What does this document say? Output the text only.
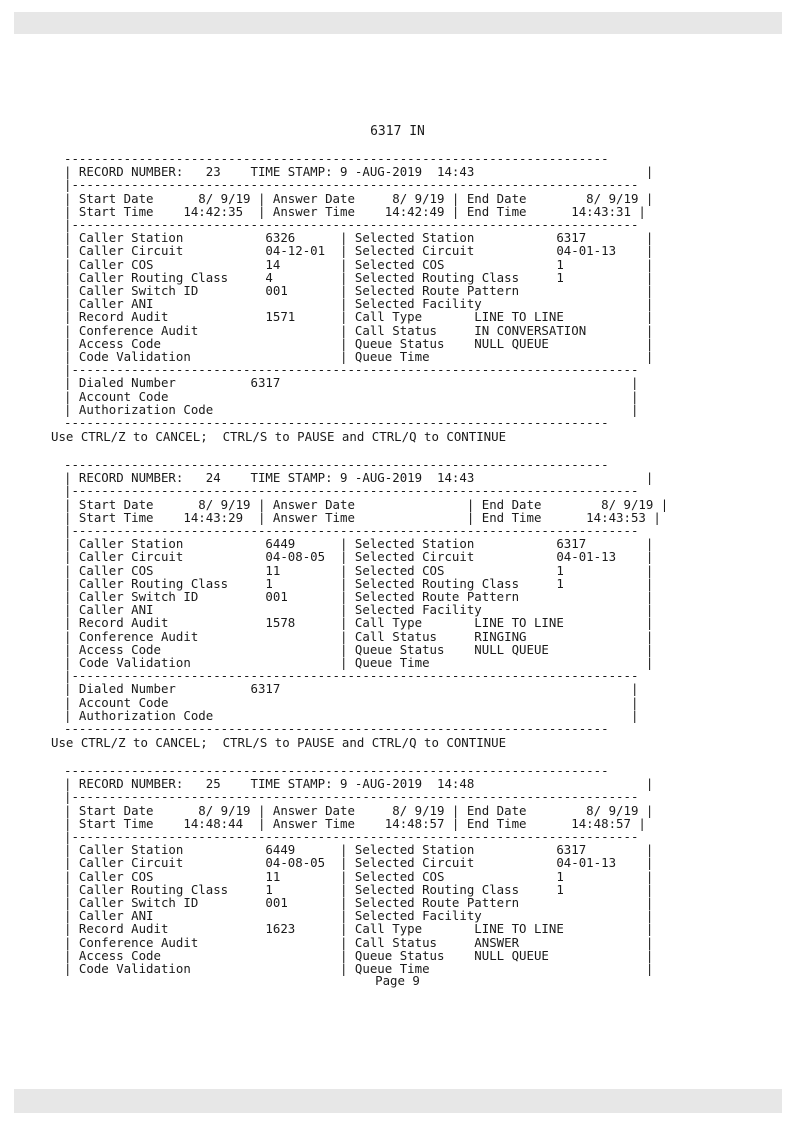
6317 IN
-------------------------------------------------------------------------
| RECORD NUMBER:   23    TIME STAMP: 9 -AUG-2019  14:43                       |
|----------------------------------------------------------------------------
| Start Date      8/ 9/19 | Answer Date     8/ 9/19 | End Date        8/ 9/19 |
| Start Time    14:42:35  | Answer Time    14:42:49 | End Time      14:43:31 |
|----------------------------------------------------------------------------
| Caller Station           6326      | Selected Station           6317        |
| Caller Circuit           04-12-01  | Selected Circuit           04-01-13    |
| Caller COS               14        | Selected COS               1           |
| Caller Routing Class     4         | Selected Routing Class     1           |
| Caller Switch ID         001       | Selected Route Pattern                 |
| Caller ANI                         | Selected Facility                      |
| Record Audit             1571      | Call Type       LINE TO LINE           |
| Conference Audit                   | Call Status     IN CONVERSATION        |
| Access Code                        | Queue Status    NULL QUEUE             |
| Code Validation                    | Queue Time                             |
|----------------------------------------------------------------------------
| Dialed Number          6317                                               |
| Account Code                                                              |
| Authorization Code                                                        |
-------------------------------------------------------------------------
Use CTRL/Z to CANCEL;  CTRL/S to PAUSE and CTRL/Q to CONTINUE
-------------------------------------------------------------------------
| RECORD NUMBER:   24    TIME STAMP: 9 -AUG-2019  14:43                       |
|----------------------------------------------------------------------------
| Start Date      8/ 9/19 | Answer Date               | End Date        8/ 9/19 |
| Start Time    14:43:29  | Answer Time               | End Time      14:43:53 |
|----------------------------------------------------------------------------
| Caller Station           6449      | Selected Station           6317        |
| Caller Circuit           04-08-05  | Selected Circuit           04-01-13    |
| Caller COS               11        | Selected COS               1           |
| Caller Routing Class     1         | Selected Routing Class     1           |
| Caller Switch ID         001       | Selected Route Pattern                 |
| Caller ANI                         | Selected Facility                      |
| Record Audit             1578      | Call Type       LINE TO LINE           |
| Conference Audit                   | Call Status     RINGING                |
| Access Code                        | Queue Status    NULL QUEUE             |
| Code Validation                    | Queue Time                             |
|----------------------------------------------------------------------------
| Dialed Number          6317                                               |
| Account Code                                                              |
| Authorization Code                                                        |
-------------------------------------------------------------------------
Use CTRL/Z to CANCEL;  CTRL/S to PAUSE and CTRL/Q to CONTINUE
-------------------------------------------------------------------------
| RECORD NUMBER:   25    TIME STAMP: 9 -AUG-2019  14:48                       |
|----------------------------------------------------------------------------
| Start Date      8/ 9/19 | Answer Date     8/ 9/19 | End Date        8/ 9/19 |
| Start Time    14:48:44  | Answer Time    14:48:57 | End Time      14:48:57 |
|----------------------------------------------------------------------------
| Caller Station           6449      | Selected Station           6317        |
| Caller Circuit           04-08-05  | Selected Circuit           04-01-13    |
| Caller COS               11        | Selected COS               1           |
| Caller Routing Class     1         | Selected Routing Class     1           |
| Caller Switch ID         001       | Selected Route Pattern                 |
| Caller ANI                         | Selected Facility                      |
| Record Audit             1623      | Call Type       LINE TO LINE           |
| Conference Audit                   | Call Status     ANSWER                 |
| Access Code                        | Queue Status    NULL QUEUE             |
| Code Validation                    | Queue Time                             |
Page 9
